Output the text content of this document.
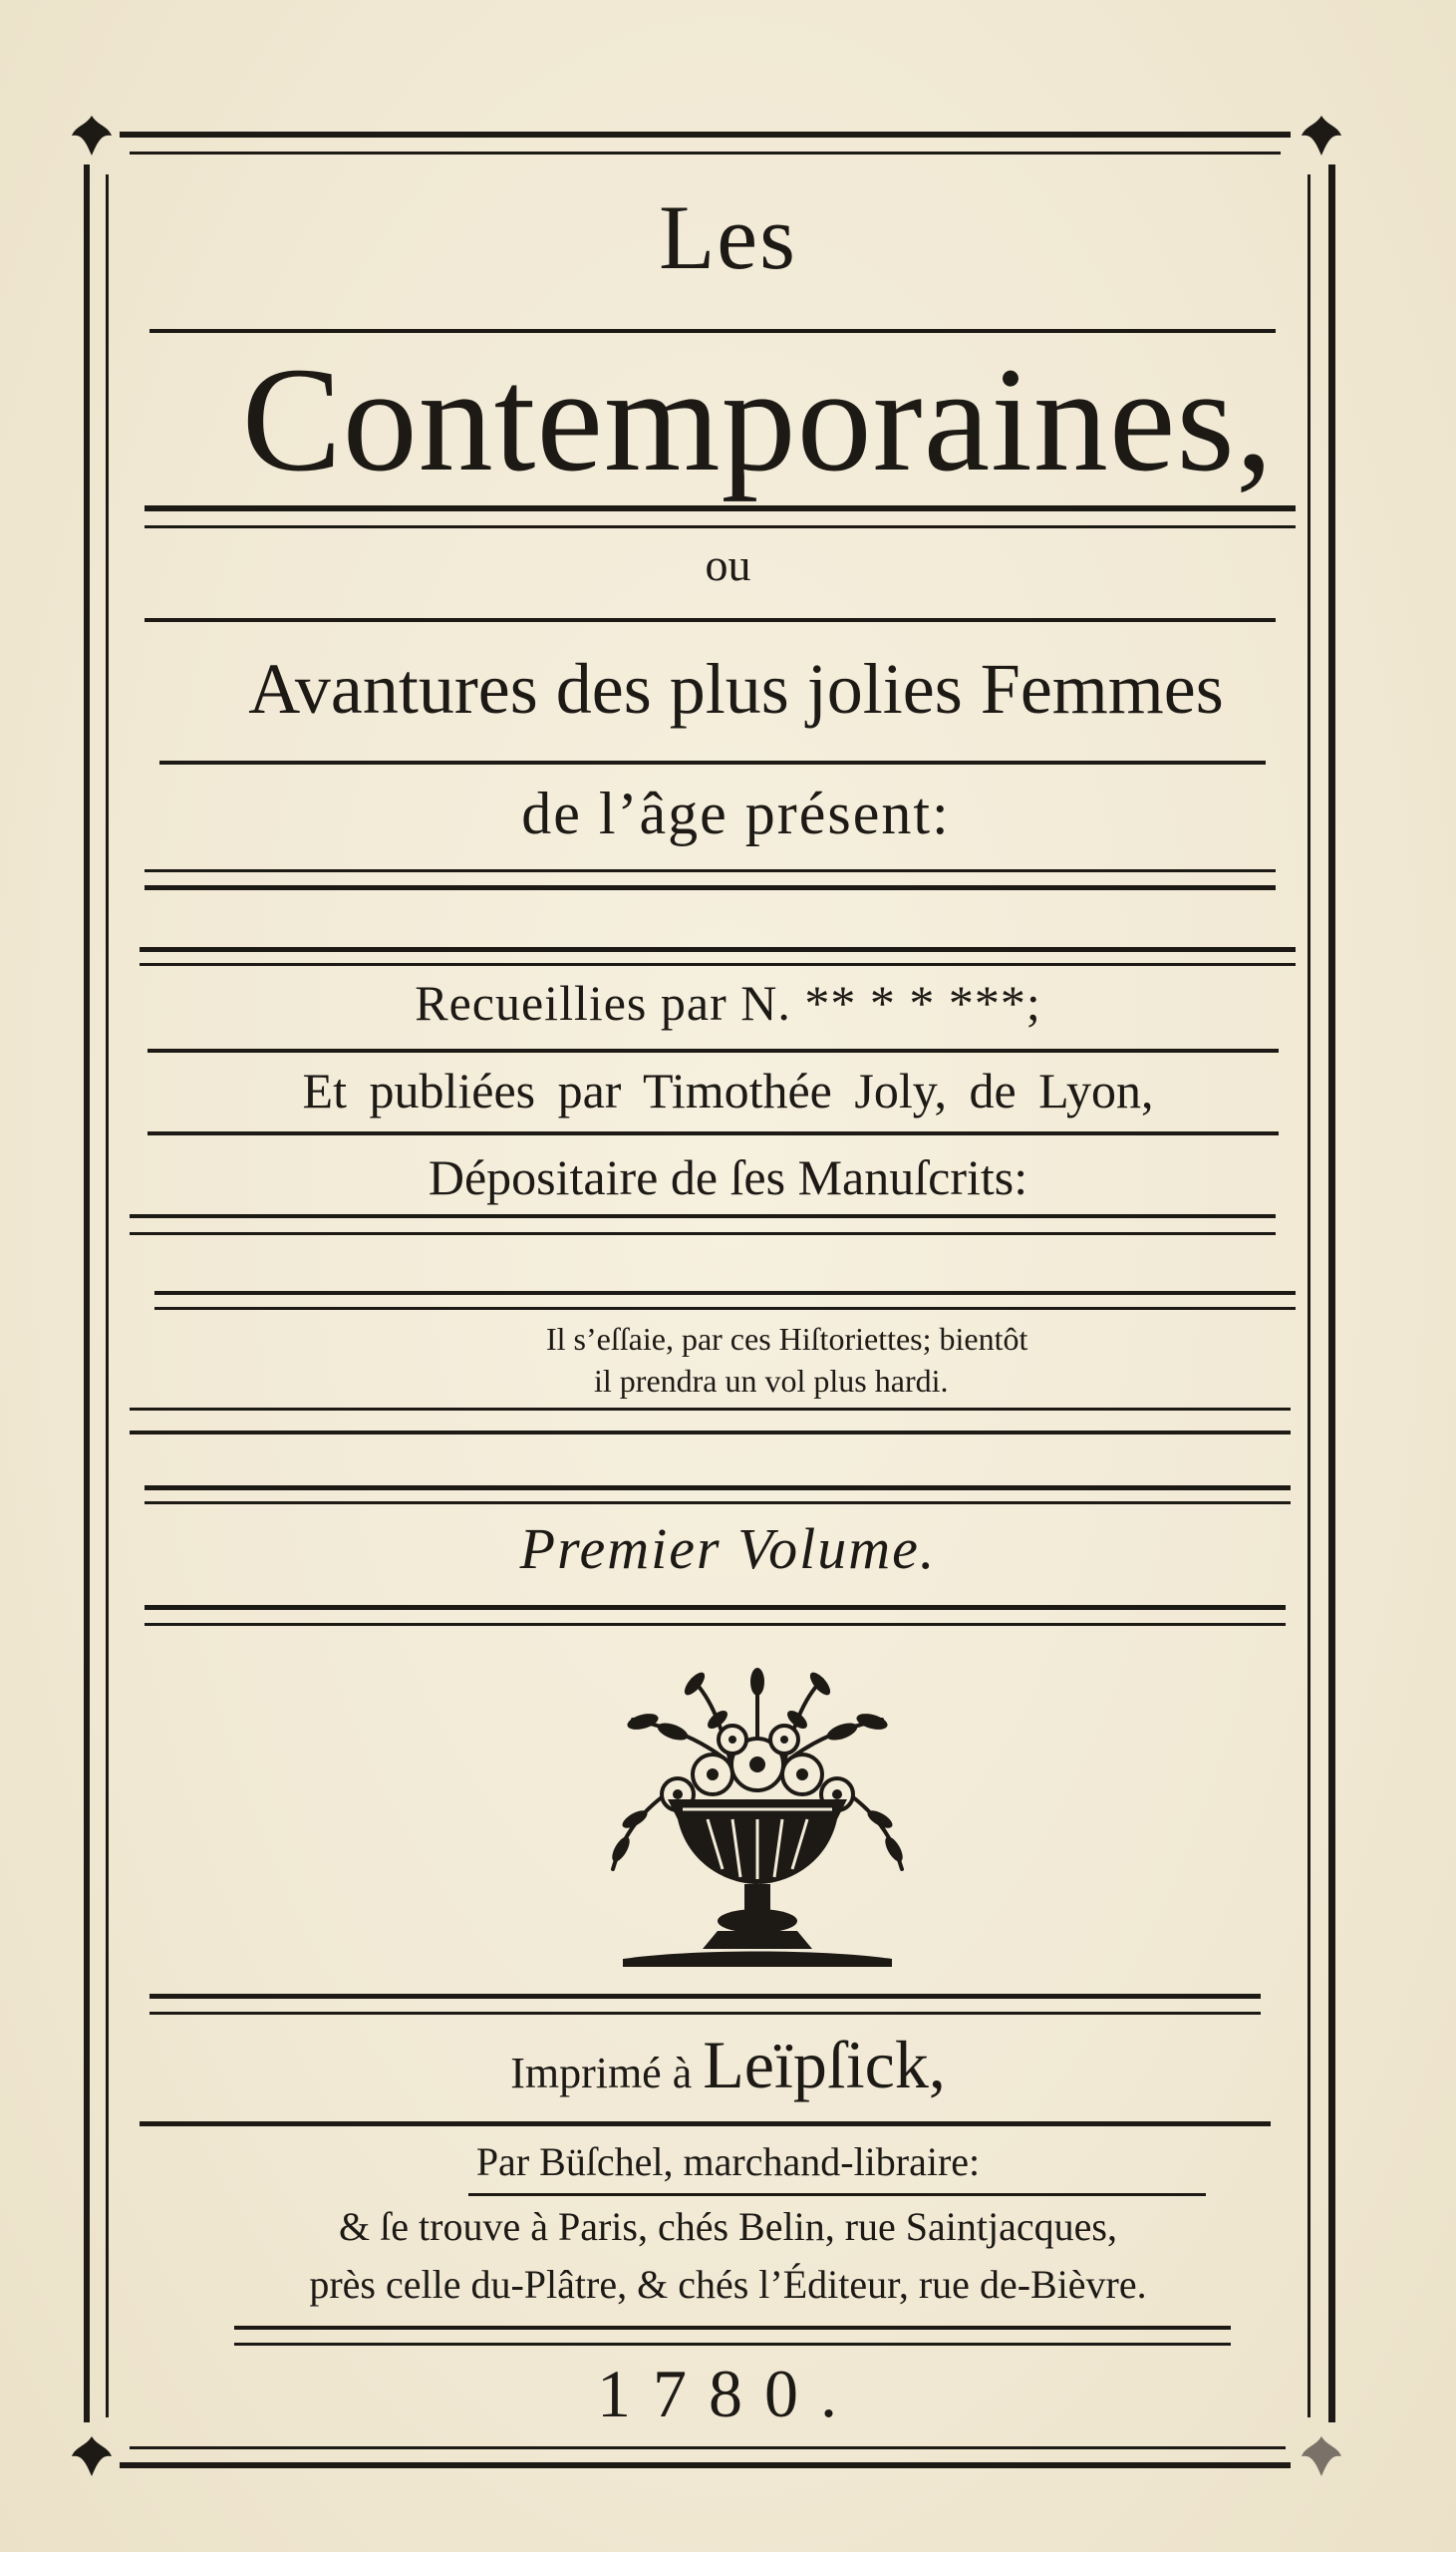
Les
Contemporaines,
ou
Avantures des plus jolies Femmes
de l’âge présent:
Recueillies par N. ** * * ***;
Et publiées par Timothée Joly, de Lyon,
Dépositaire de ſes Manuſcrits:
Il s’eſſaie, par ces Hiſtoriettes; bientôt
il prendra un vol plus hardi.
Premier Volume.
Imprimé à Leïpſick,
Par Büſchel, marchand-libraire:
& ſe trouve à Paris, chés Belin, rue Saintjacques,
près celle du-Plâtre, & chés l’Éditeur, rue de-Bièvre.
1780.
